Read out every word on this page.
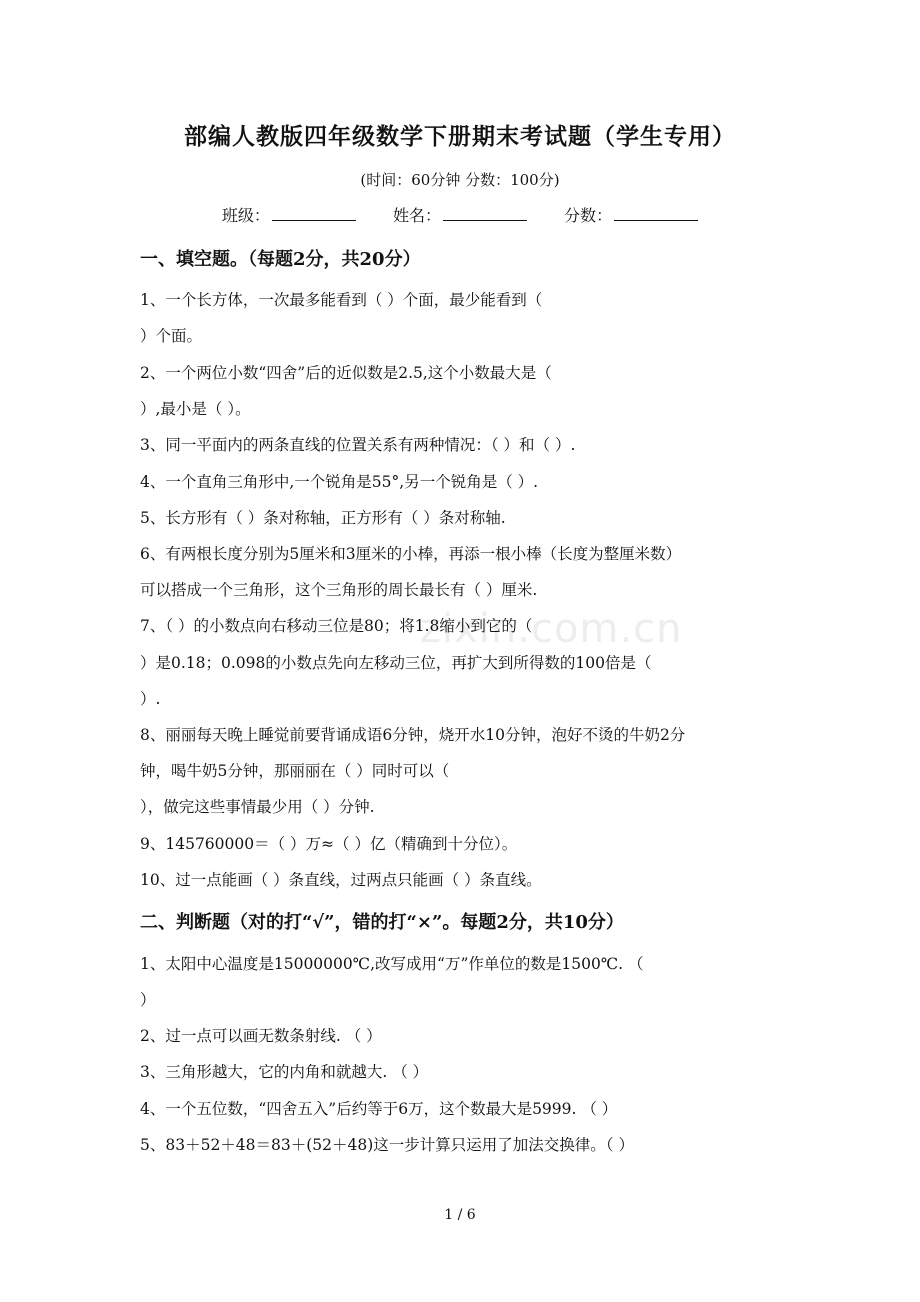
部编人教版四年级数学下册期末考试题（学生专用）
(时间：60分钟 分数：100分)
班级：	姓名：	分数：
一、填空题。（每题2分，共20分）
1、一个长方体，一次最多能看到（ ）个面，最少能看到（
）个面。
2、一个两位小数“四舍”后的近似数是2.5,这个小数最大是（
）,最小是（ ）。
3、同一平面内的两条直线的位置关系有两种情况：（ ）和（ ）.
4、一个直角三角形中,一个锐角是55°,另一个锐角是（ ）.
5、长方形有（ ）条对称轴，正方形有（ ）条对称轴.
6、有两根长度分别为5厘米和3厘米的小棒，再添一根小棒（长度为整厘米数）
可以搭成一个三角形，这个三角形的周长最长有（ ）厘米.
7、（ ）的小数点向右移动三位是80；将1.8缩小到它的（
）是0.18；0.098的小数点先向左移动三位，再扩大到所得数的100倍是（
）.
8、丽丽每天晚上睡觉前要背诵成语6分钟，烧开水10分钟，泡好不烫的牛奶2分
钟，喝牛奶5分钟，那丽丽在（ ）同时可以（
），做完这些事情最少用（ ）分钟.
9、145760000＝（ ）万≈（ ）亿（精确到十分位）。
10、过一点能画（ ）条直线，过两点只能画（ ）条直线。
二、判断题（对的打“√”，错的打“×”。每题2分，共10分）
1、太阳中心温度是15000000℃,改写成用“万”作单位的数是1500℃. （
）
2、过一点可以画无数条射线. （ ）
3、三角形越大，它的内角和就越大. （ ）
4、一个五位数，“四舍五入”后约等于6万，这个数最大是5999. （ ）
5、83＋52＋48＝83＋(52＋48)这一步计算只运用了加法交换律。（ ）
zixin.com.cn
1 / 6
